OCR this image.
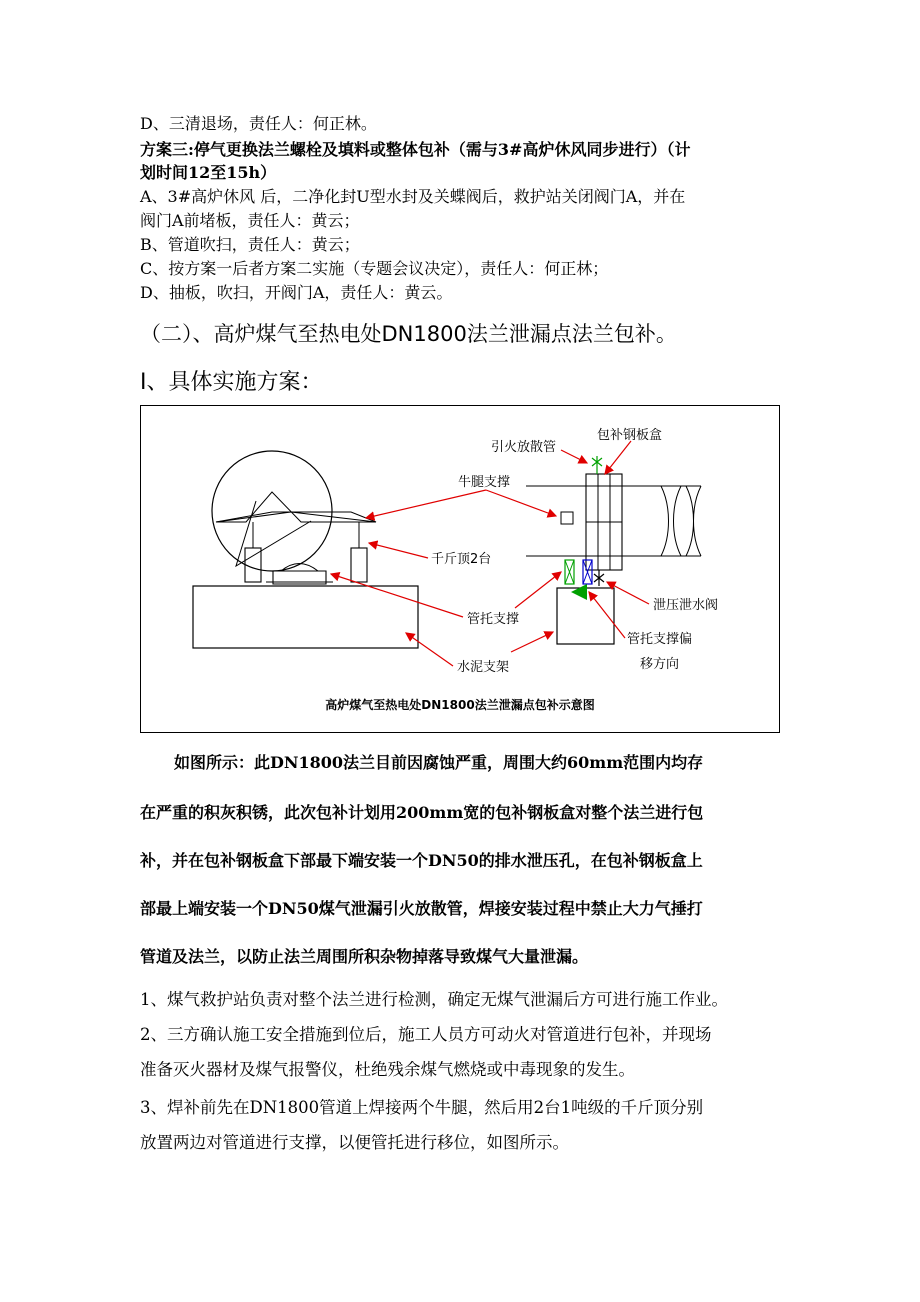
D、三清退场，责任人：何正林。
方案三:停气更换法兰螺栓及填料或整体包补（需与3#高炉休风同步进行）（计
划时间12至15h）
A、3#高炉休风 后，二净化封U型水封及关蝶阀后，救护站关闭阀门A，并在
阀门A前堵板，责任人：黄云；
B、管道吹扫，责任人：黄云；
C、按方案一后者方案二实施（专题会议决定），责任人：何正林；
D、抽板，吹扫，开阀门A，责任人：黄云。
（二）、高炉煤气至热电处DN1800法兰泄漏点法兰包补。
Ⅰ、具体实施方案：
引火放散管
包补钢板盒
牛腿支撑
千斤顶2台
管托支撑
泄压泄水阀
管托支撑偏
移方向
水泥支架
高炉煤气至热电处DN1800法兰泄漏点包补示意图
如图所示：此DN1800法兰目前因腐蚀严重，周围大约60mm范围内均存
在严重的积灰积锈，此次包补计划用200mm宽的包补钢板盒对整个法兰进行包
补，并在包补钢板盒下部最下端安装一个DN50的排水泄压孔，在包补钢板盒上
部最上端安装一个DN50煤气泄漏引火放散管，焊接安装过程中禁止大力气捶打
管道及法兰，以防止法兰周围所积杂物掉落导致煤气大量泄漏。
1、煤气救护站负责对整个法兰进行检测，确定无煤气泄漏后方可进行施工作业。
2、三方确认施工安全措施到位后，施工人员方可动火对管道进行包补，并现场
准备灭火器材及煤气报警仪，杜绝残余煤气燃烧或中毒现象的发生。
3、焊补前先在DN1800管道上焊接两个牛腿，然后用2台1吨级的千斤顶分别
放置两边对管道进行支撑，以便管托进行移位，如图所示。
